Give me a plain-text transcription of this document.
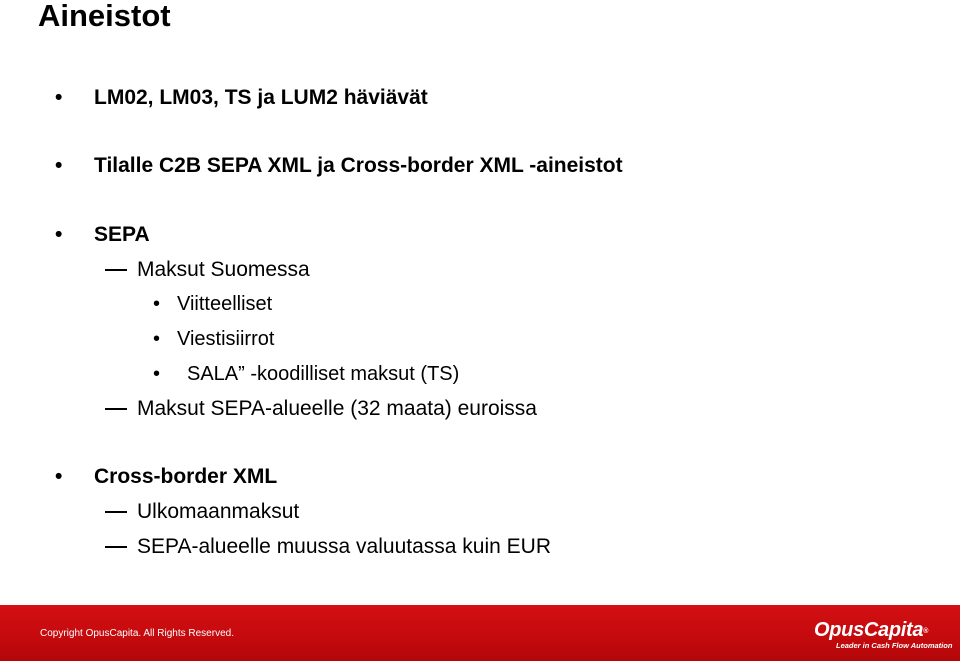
Aineistot
• LM02, LM03, TS ja LUM2 häviävät
• Tilalle C2B SEPA XML ja Cross-border XML -aineistot
• SEPA
Maksut Suomessa
• Viitteelliset
• Viestisiirrot
• SALA” -koodilliset maksut (TS)
Maksut SEPA-alueelle (32 maata) euroissa
• Cross-border XML
Ulkomaanmaksut
SEPA-alueelle muussa valuutassa kuin EUR
Copyright OpusCapita. All Rights Reserved.	OpusCapita®
Leader in Cash Flow Automation
